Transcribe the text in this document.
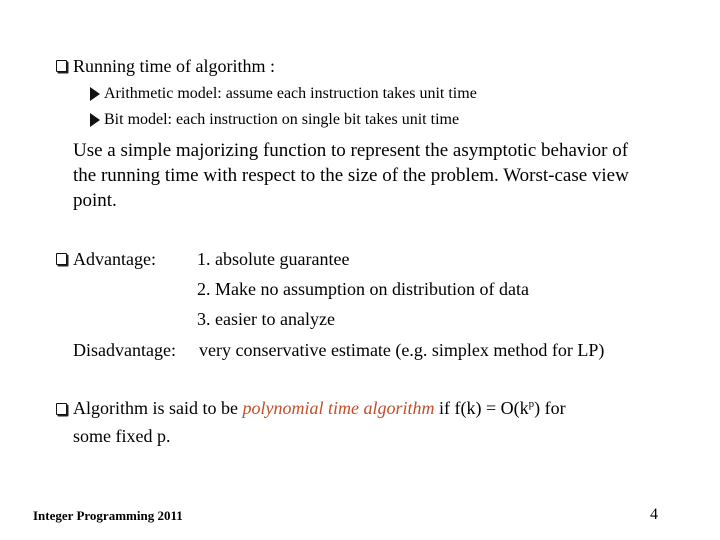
Running time of algorithm :
Arithmetic model: assume each instruction takes unit time
Bit model: each instruction on single bit takes unit time
Use a simple majorizing function to represent the asymptotic behavior of
the running time with respect to the size of the problem. Worst-case view
point.
Advantage: 1. absolute guarantee
2. Make no assumption on distribution of data
3. easier to analyze
Disadvantage: very conservative estimate (e.g. simplex method for LP)
Algorithm is said to be polynomial time algorithm if $f(k) = O(k^p)$ for
some fixed p.
Integer Programming 2011	4
